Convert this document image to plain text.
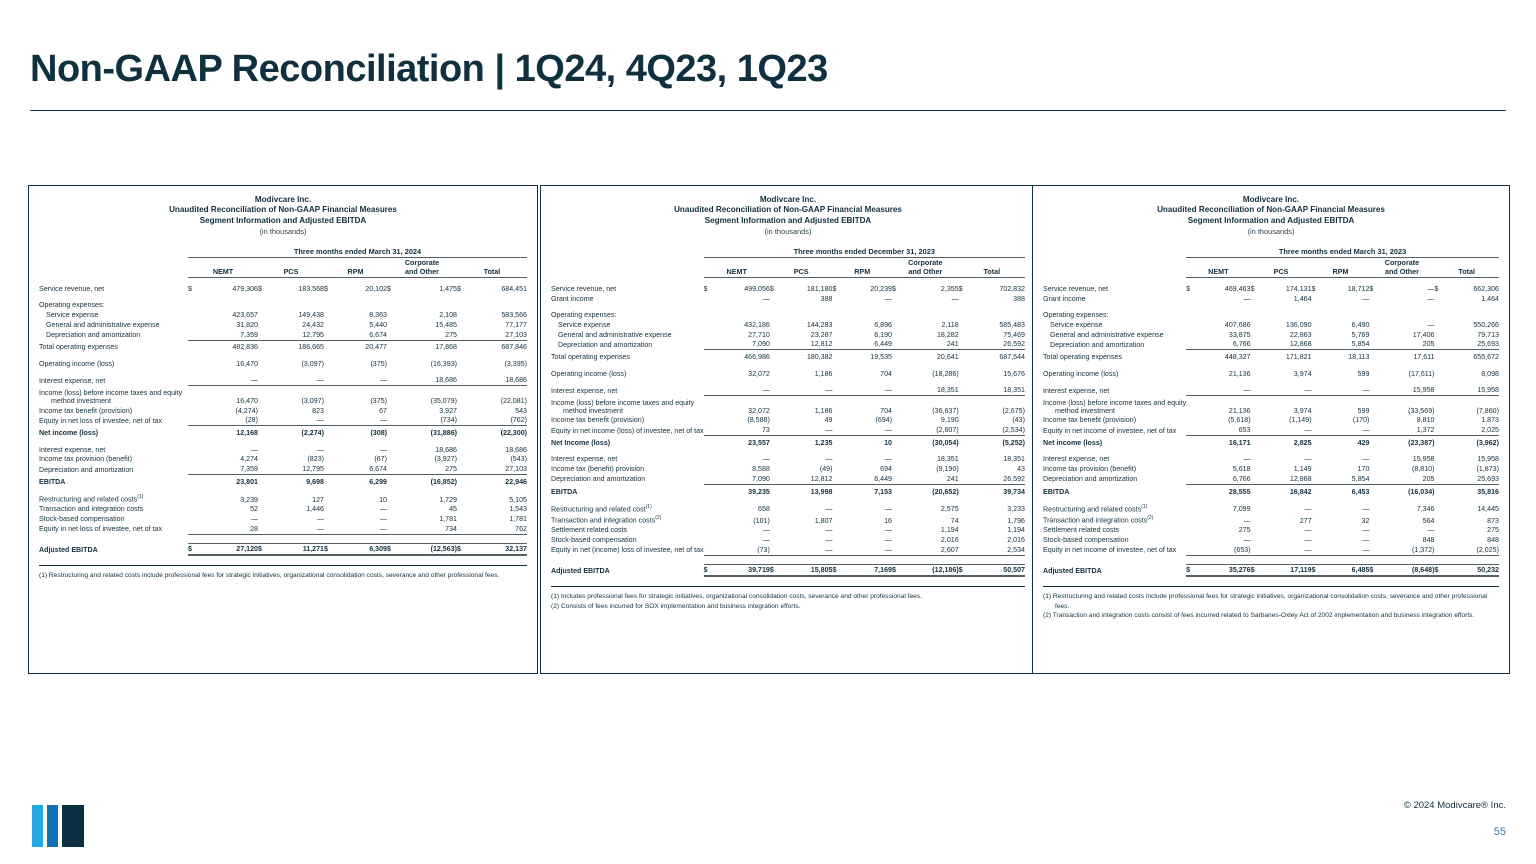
Non-GAAP Reconciliation | 1Q24, 4Q23, 1Q23
Modivcare Inc.
Unaudited Reconciliation of Non-GAAP Financial Measures
Segment Information and Adjusted EBITDA
(in thousands)
	Three months ended March 31, 2024									
	NEMT		PCS		RPM		Corporate
and Other		Total	

Service revenue, net	$	479,306	$	183,568	$	20,102	$	1,475	$	684,451

Operating expenses:										
Service expense		423,657		149,438		8,363		2,108		583,566
General and administrative expense		31,820		24,432		5,440		15,485		77,177
Depreciation and amortization		7,359		12,795		6,674		275		27,103

Total operating expenses		482,836		186,665		20,477		17,868		687,846

Operating income (loss)		16,470		(3,097)		(375)		(16,393)		(3,395)

Interest expense, net		—		—		—		18,686		18,686

Income (loss) before income taxes and equity
method investment		16,470		(3,097)		(375)		(35,079)		(22,081)
Income tax benefit (provision)		(4,274)		823		67		3,927		543
Equity in net loss of investee, net of tax		(28)		—		—		(734)		(762)

Net income (loss)		12,168		(2,274)		(308)		(31,886)		(22,300)

Interest expense, net		—		—		—		18,686		18,686
Income tax provision (benefit)		4,274		(823)		(67)		(3,927)		(543)
Depreciation and amortization		7,359		12,795		6,674		275		27,103

EBITDA		23,801		9,698		6,299		(16,852)		22,946

Restructuring and related costs$^{(1)}$		3,239		127		10		1,729		5,105
Transaction and integration costs		52		1,446		—		45		1,543
Stock-based compensation		—		—		—		1,781		1,781
Equity in net loss of investee, net of tax		28		—		—		734		762

Adjusted EBITDA	$	27,120	$	11,271	$	6,309	$	(12,563)	$	32,137
(1) Restructuring and related costs include professional fees for strategic initiatives, organizational consolidation costs, severance and other professional fees.
Modivcare Inc.
Unaudited Reconciliation of Non-GAAP Financial Measures
Segment Information and Adjusted EBITDA
(in thousands)
	Three months ended December 31, 2023									
	NEMT		PCS		RPM		Corporate
and Other		Total	

Service revenue, net	$	499,056	$	181,180	$	20,239	$	2,355	$	702,832
Grant income		—		388		—		—		388

Operating expenses:										
Service expense		432,186		144,283		6,896		2,118		585,483
General and administrative expense		27,710		23,287		6,190		18,282		75,469
Depreciation and amortization		7,090		12,812		6,449		241		26,592

Total operating expenses		466,986		180,382		19,535		20,641		687,544

Operating income (loss)		32,072		1,186		704		(18,286)		15,676

Interest expense, net		—		—		—		18,351		18,351

Income (loss) before income taxes and equity
method investment		32,072		1,186		704		(36,637)		(2,675)
Income tax benefit (provision)		(8,588)		49		(694)		9,190		(43)
Equity in net income (loss) of investee, net of tax		73		—		—		(2,607)		(2,534)

Net Income (loss)		23,557		1,235		10		(30,054)		(5,252)

Interest expense, net		—		—		—		18,351		18,351
Income tax (benefit) provision		8,588		(49)		694		(9,190)		43
Depreciation and amortization		7,090		12,812		6,449		241		26,592

EBITDA		39,235		13,998		7,153		(20,652)		39,734

Restructuring and related cost$^{(1)}$		658		—		—		2,575		3,233
Transaction and integration costs$^{(2)}$		(101)		1,807		16		74		1,796
Settlement related costs		—		—		—		1,194		1,194
Stock-based compensation		—		—		—		2,016		2,016
Equity in net (income) loss of investee, net of tax		(73)		—		—		2,607		2,534

Adjusted EBITDA	$	39,719	$	15,805	$	7,169	$	(12,186)	$	50,507
(1) Includes professional fees for strategic initiatives, organizational consolidation costs, severance and other professional fees.
(2) Consists of fees incurred for SOX implementation and business integration efforts.
Modivcare Inc.
Unaudited Reconciliation of Non-GAAP Financial Measures
Segment Information and Adjusted EBITDA
(in thousands)
	Three months ended March 31, 2023									
	NEMT		PCS		RPM		Corporate
and Other		Total	

Service revenue, net	$	469,463	$	174,131	$	18,712	$	—	$	662,306
Grant income		—		1,464		—		—		1,464

Operating expenses:										
Service expense		407,686		136,090		6,490		—		550,266
General and administrative expense		33,875		22,863		5,769		17,406		79,713
Depreciation and amortization		6,766		12,868		5,854		205		25,693

Total operating expenses		448,327		171,821		18,113		17,611		655,672

Operating income (loss)		21,136		3,974		599		(17,611)		8,098

Interest expense, net		—		—		—		15,958		15,958

Income (loss) before income taxes and equity
method investment		21,136		3,974		599		(33,569)		(7,860)
Income tax benefit (provision)		(5,618)		(1,149)		(170)		8,810		1,873
Equity in net income of investee, net of tax		653		—		—		1,372		2,025

Net income (loss)		16,171		2,825		429		(23,387)		(3,962)

Interest expense, net		—		—		—		15,958		15,958
Income tax provision (benefit)		5,618		1,149		170		(8,810)		(1,873)
Depreciation and amortization		6,766		12,868		5,854		205		25,693

EBITDA		28,555		16,842		6,453		(16,034)		35,816

Restructuring and related costs$^{(1)}$		7,099		—		—		7,346		14,445
Transaction and integration costs$^{(2)}$		—		277		32		564		873
Settlement related costs		275		—		—		—		275
Stock-based compensation		—		—		—		848		848
Equity in net income of investee, net of tax		(653)		—		—		(1,372)		(2,025)

Adjusted EBITDA	$	35,276	$	17,119	$	6,485	$	(8,648)	$	50,232
(1) Restructuring and related costs include professional fees for strategic initiatives, organizational consolidation costs, severance and other professional fees.
(2) Transaction and integration costs consist of fees incurred related to Sarbanes-Oxley Act of 2002 implementation and business integration efforts.
© 2024 Modivcare® Inc.
55
